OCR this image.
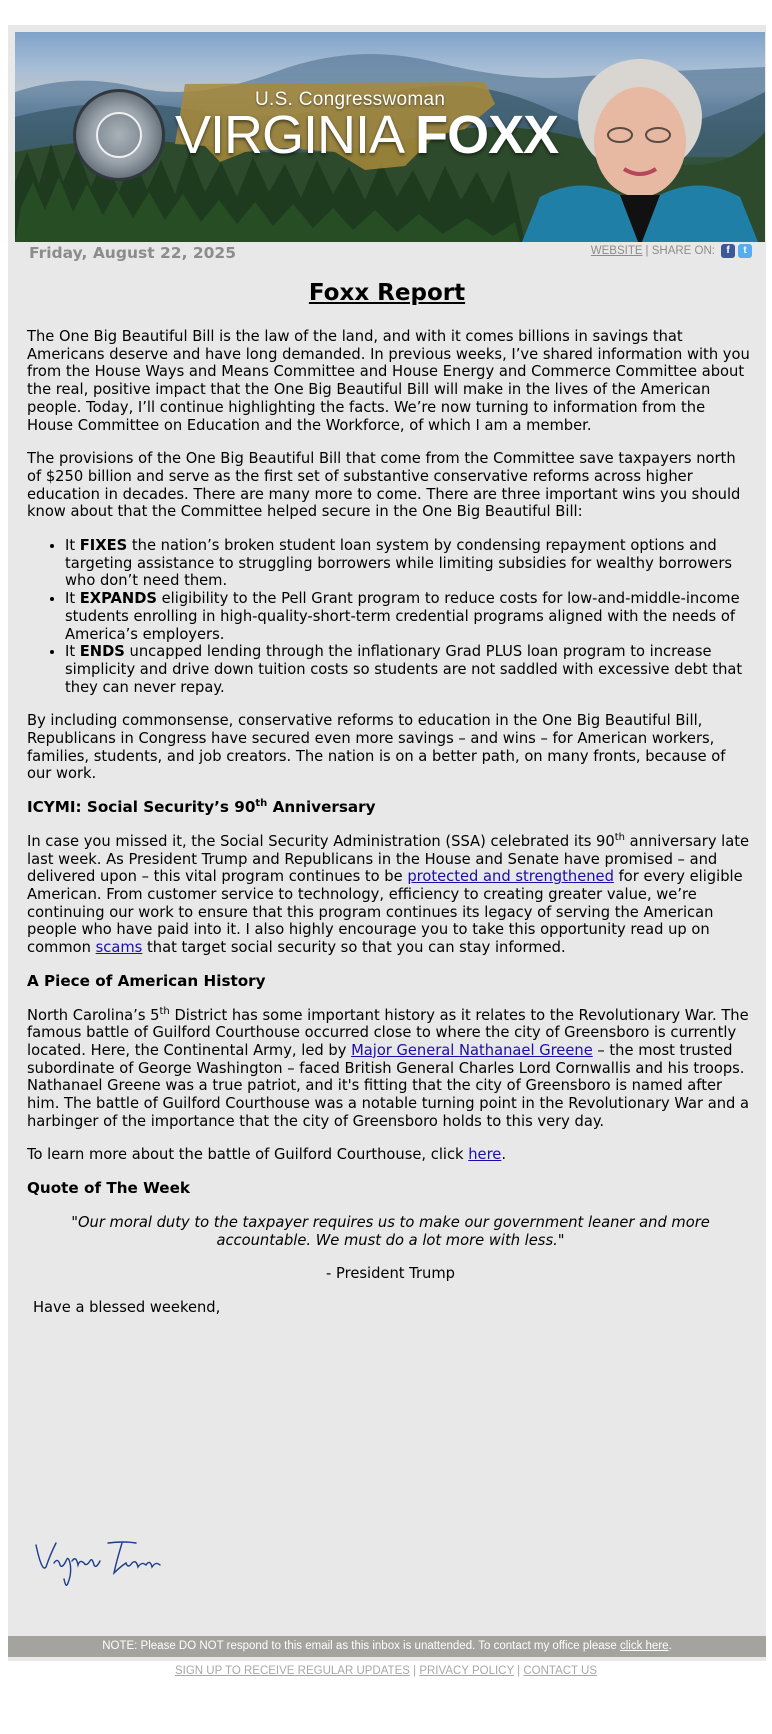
U.S. Congresswoman
VIRGINIA FOXX
Friday, August 22, 2025	WEBSITE | SHARE ON:	f	t
Foxx Report

The One Big Beautiful Bill is the law of the land, and with it comes billions in savings that Americans deserve and have long demanded. In previous weeks, I’ve shared information with you from the House Ways and Means Committee and House Energy and Commerce Committee about the real, positive impact that the One Big Beautiful Bill will make in the lives of the American people. Today, I’ll continue highlighting the facts. We’re now turning to information from the House Committee on Education and the Workforce, of which I am a member.

The provisions of the One Big Beautiful Bill that come from the Committee save taxpayers north of $250 billion and serve as the first set of substantive conservative reforms across higher education in decades. There are many more to come. There are three important wins you should know about that the Committee helped secure in the One Big Beautiful Bill:

• It FIXES the nation’s broken student loan system by condensing repayment options and targeting assistance to struggling borrowers while limiting subsidies for wealthy borrowers who don’t need them.
• It EXPANDS eligibility to the Pell Grant program to reduce costs for low-and-middle-income students enrolling in high-quality-short-term credential programs aligned with the needs of America’s employers.
• It ENDS uncapped lending through the inflationary Grad PLUS loan program to increase simplicity and drive down tuition costs so students are not saddled with excessive debt that they can never repay.

By including commonsense, conservative reforms to education in the One Big Beautiful Bill, Republicans in Congress have secured even more savings – and wins – for American workers, families, students, and job creators. The nation is on a better path, on many fronts, because of our work.

ICYMI: Social Security’s 90th Anniversary

In case you missed it, the Social Security Administration (SSA) celebrated its 90th anniversary late last week. As President Trump and Republicans in the House and Senate have promised – and delivered upon – this vital program continues to be protected and strengthened for every eligible American. From customer service to technology, efficiency to creating greater value, we’re continuing our work to ensure that this program continues its legacy of serving the American people who have paid into it. I also highly encourage you to take this opportunity read up on common scams that target social security so that you can stay informed.

A Piece of American History

North Carolina’s 5th District has some important history as it relates to the Revolutionary War. The famous battle of Guilford Courthouse occurred close to where the city of Greensboro is currently located. Here, the Continental Army, led by Major General Nathanael Greene – the most trusted subordinate of George Washington – faced British General Charles Lord Cornwallis and his troops. Nathanael Greene was a true patriot, and it's fitting that the city of Greensboro is named after him. The battle of Guilford Courthouse was a notable turning point in the Revolutionary War and a harbinger of the importance that the city of Greensboro holds to this very day.

To learn more about the battle of Guilford Courthouse, click here.

Quote of The Week

"Our moral duty to the taxpayer requires us to make our government leaner and more accountable. We must do a lot more with less."

- President Trump

Have a blessed weekend,

NOTE: Please DO NOT respond to this email as this inbox is unattended. To contact my office please click here.
SIGN UP TO RECEIVE REGULAR UPDATES | PRIVACY POLICY | CONTACT US
